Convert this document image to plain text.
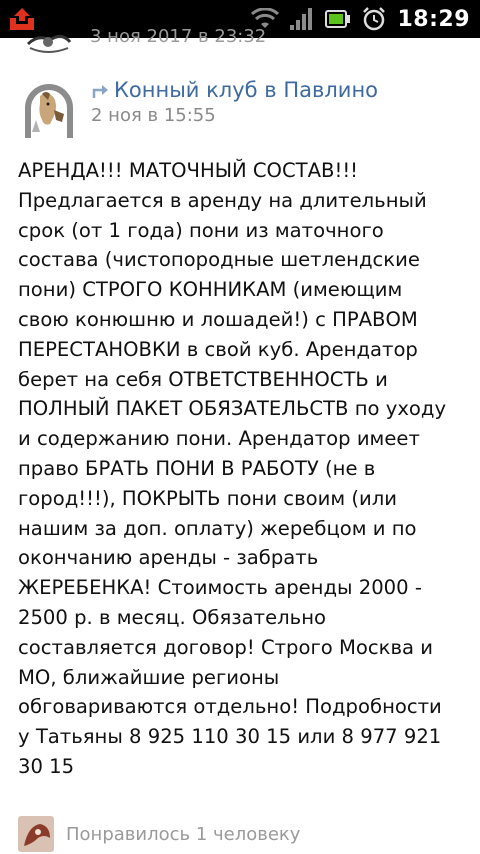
18:29
3 ноя 2017 в 23:32
Конный клуб в Павлино
2 ноя в 15:55
АРЕНДА!!! МАТОЧНЫЙ СОСТАВ!!!
Предлагается в аренду на длительный
срок (от 1 года) пони из маточного
состава (чистопородные шетлендские
пони) СТРОГО КОННИКАМ (имеющим
свою конюшню и лошадей!) с ПРАВОМ
ПЕРЕСТАНОВКИ в свой куб. Арендатор
берет на себя ОТВЕТСТВЕННОСТЬ и
ПОЛНЫЙ ПАКЕТ ОБЯЗАТЕЛЬСТВ по уходу
и содержанию пони. Арендатор имеет
право БРАТЬ ПОНИ В РАБОТУ (не в
город!!!), ПОКРЫТЬ пони своим (или
нашим за доп. оплату) жеребцом и по
окончанию аренды - забрать
ЖЕРЕБЕНКА! Стоимость аренды 2000 -
2500 р. в месяц. Обязательно
составляется договор! Строго Москва и
МО, ближайшие регионы
обговариваются отдельно! Подробности
у Татьяны 8 925 110 30 15 или 8 977 921
30 15
Понравилось 1 человеку
